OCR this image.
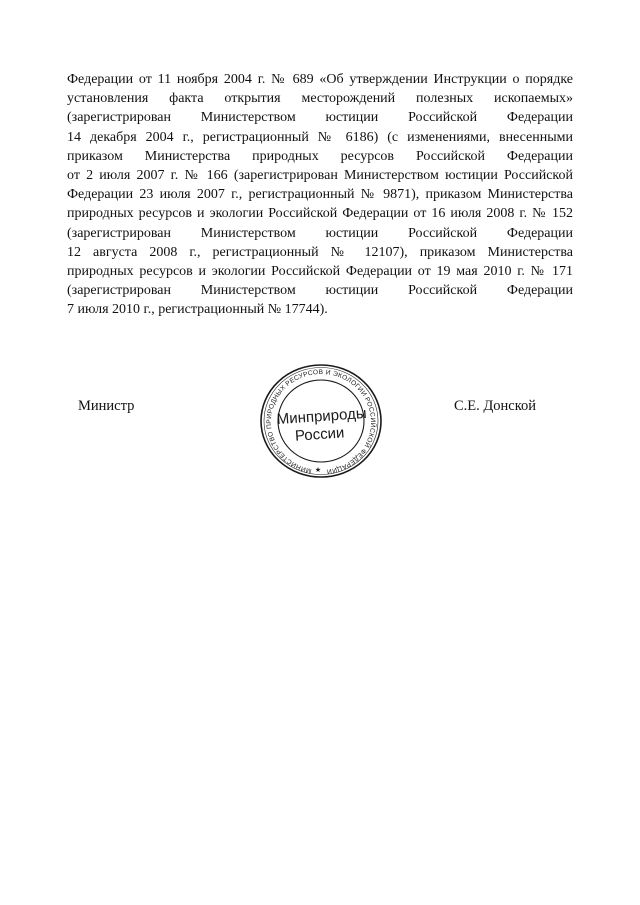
Федерации от 11 ноября 2004 г. № 689 «Об утверждении Инструкции о порядке
установления факта открытия месторождений полезных ископаемых»
(зарегистрирован Министерством юстиции Российской Федерации
14 декабря 2004 г., регистрационный № 6186) (с изменениями, внесенными
приказом Министерства природных ресурсов Российской Федерации
от 2 июля 2007 г. № 166 (зарегистрирован Министерством юстиции Российской
Федерации 23 июля 2007 г., регистрационный № 9871), приказом Министерства
природных ресурсов и экологии Российской Федерации от 16 июля 2008 г. № 152
(зарегистрирован Министерством юстиции Российской Федерации
12 августа 2008 г., регистрационный № 12107), приказом Министерства
природных ресурсов и экологии Российской Федерации от 19 мая 2010 г. № 171
(зарегистрирован Министерством юстиции Российской Федерации
7 июля 2010 г., регистрационный № 17744).

Министр
МИНИСТЕРСТВО ПРИРОДНЫХ РЕСУРСОВ И ЭКОЛОГИИ РОССИЙСКОЙ ФЕДЕРАЦИИ
Минприроды
России
★
С.Е. Донской
